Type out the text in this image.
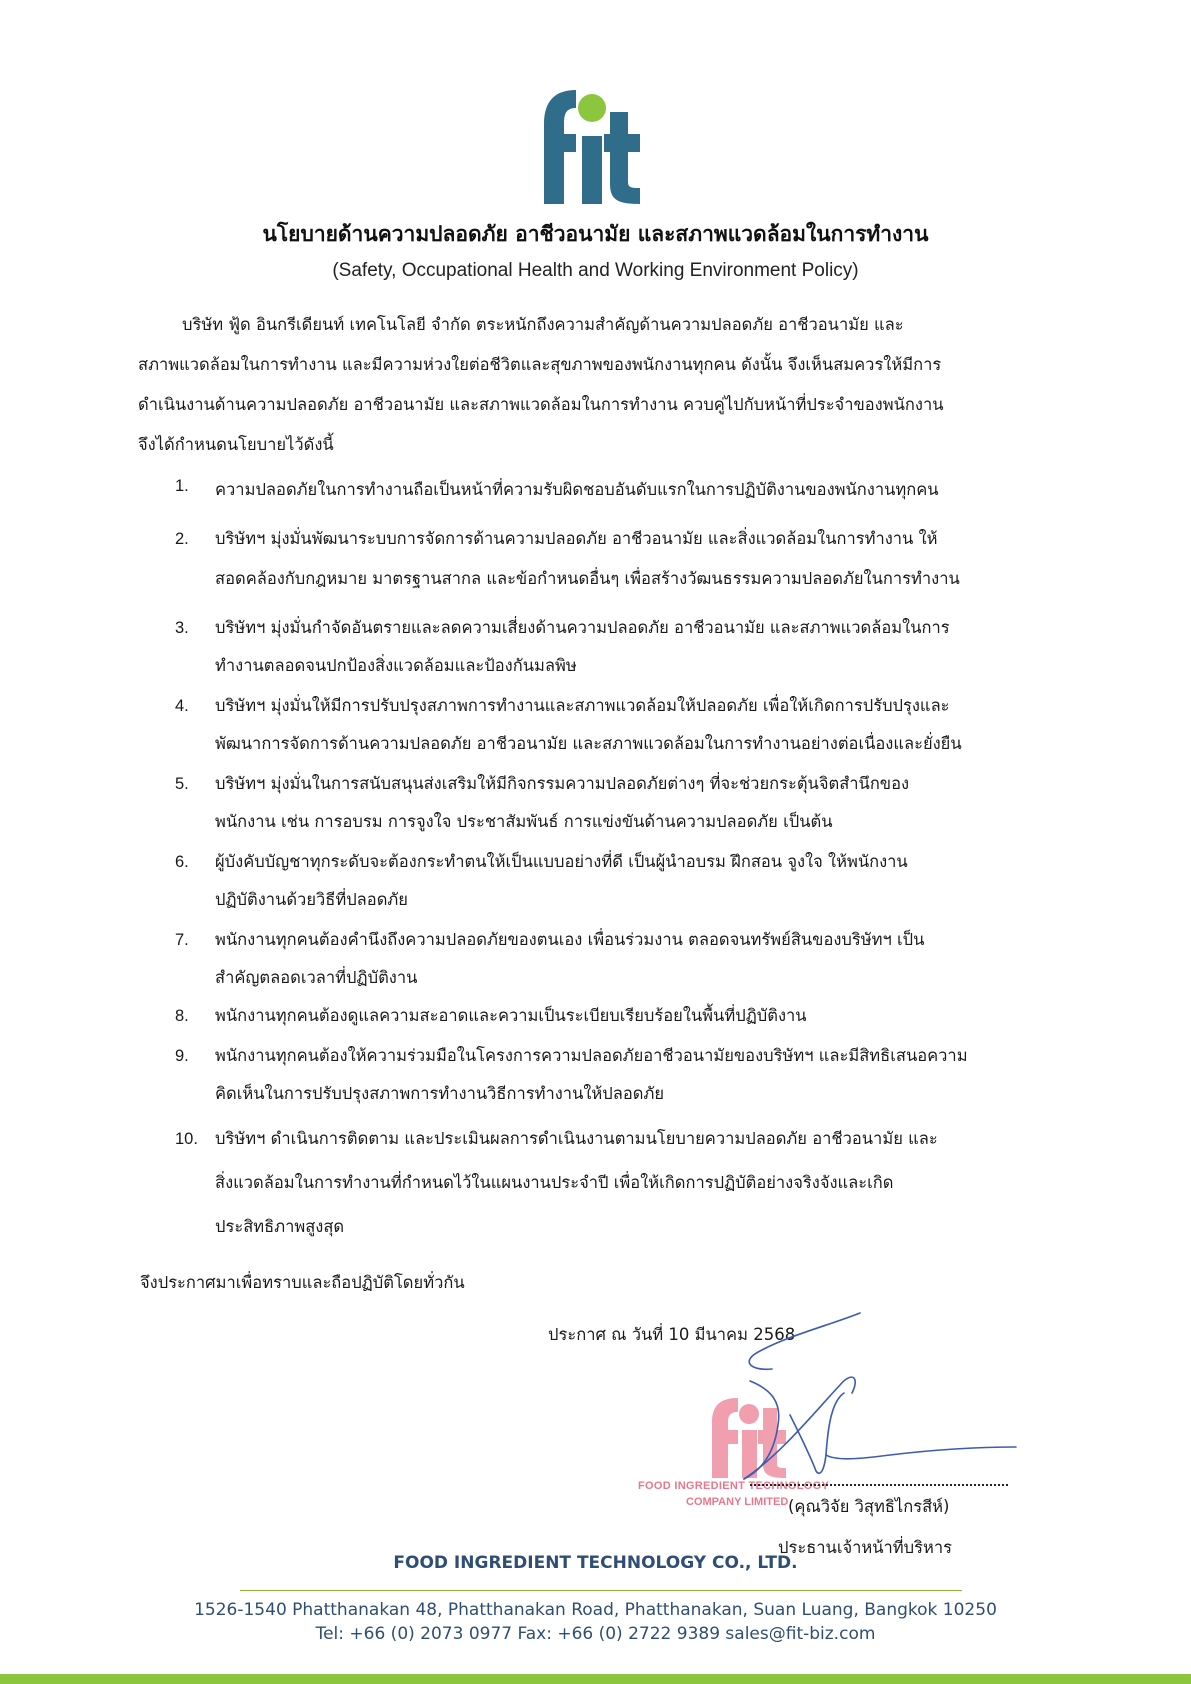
นโยบายด้านความปลอดภัย อาชีวอนามัย และสภาพแวดล้อมในการทำงาน
(Safety, Occupational Health and Working Environment Policy)
บริษัท ฟู้ด อินกรีเดียนท์ เทคโนโลยี จำกัด ตระหนักถึงความสำคัญด้านความปลอดภัย อาชีวอนามัย และ
สภาพแวดล้อมในการทำงาน และมีความห่วงใยต่อชีวิตและสุขภาพของพนักงานทุกคน ดังนั้น จึงเห็นสมควรให้มีการ
ดำเนินงานด้านความปลอดภัย อาชีวอนามัย และสภาพแวดล้อมในการทำงาน ควบคู่ไปกับหน้าที่ประจำของพนักงาน
จึงได้กำหนดนโยบายไว้ดังนี้
1.	ความปลอดภัยในการทำงานถือเป็นหน้าที่ความรับผิดชอบอันดับแรกในการปฏิบัติงานของพนักงานทุกคน
2.	บริษัทฯ มุ่งมั่นพัฒนาระบบการจัดการด้านความปลอดภัย อาชีวอนามัย และสิ่งแวดล้อมในการทำงาน ให้
สอดคล้องกับกฎหมาย มาตรฐานสากล และข้อกำหนดอื่นๆ เพื่อสร้างวัฒนธรรมความปลอดภัยในการทำงาน
3.	บริษัทฯ มุ่งมั่นกำจัดอันตรายและลดความเสี่ยงด้านความปลอดภัย อาชีวอนามัย และสภาพแวดล้อมในการ
ทำงานตลอดจนปกป้องสิ่งแวดล้อมและป้องกันมลพิษ
4.	บริษัทฯ มุ่งมั่นให้มีการปรับปรุงสภาพการทำงานและสภาพแวดล้อมให้ปลอดภัย เพื่อให้เกิดการปรับปรุงและ
พัฒนาการจัดการด้านความปลอดภัย อาชีวอนามัย และสภาพแวดล้อมในการทำงานอย่างต่อเนื่องและยั่งยืน
5.	บริษัทฯ มุ่งมั่นในการสนับสนุนส่งเสริมให้มีกิจกรรมความปลอดภัยต่างๆ ที่จะช่วยกระตุ้นจิตสำนึกของ
พนักงาน เช่น การอบรม การจูงใจ ประชาสัมพันธ์ การแข่งขันด้านความปลอดภัย เป็นต้น
6.	ผู้บังคับบัญชาทุกระดับจะต้องกระทำตนให้เป็นแบบอย่างที่ดี เป็นผู้นำอบรม ฝึกสอน จูงใจ ให้พนักงาน
ปฏิบัติงานด้วยวิธีที่ปลอดภัย
7.	พนักงานทุกคนต้องคำนึงถึงความปลอดภัยของตนเอง เพื่อนร่วมงาน ตลอดจนทรัพย์สินของบริษัทฯ เป็น
สำคัญตลอดเวลาที่ปฏิบัติงาน
8.	พนักงานทุกคนต้องดูแลความสะอาดและความเป็นระเบียบเรียบร้อยในพื้นที่ปฏิบัติงาน
9.	พนักงานทุกคนต้องให้ความร่วมมือในโครงการความปลอดภัยอาชีวอนามัยของบริษัทฯ และมีสิทธิเสนอความ
คิดเห็นในการปรับปรุงสภาพการทำงานวิธีการทำงานให้ปลอดภัย
10.	บริษัทฯ ดำเนินการติดตาม และประเมินผลการดำเนินงานตามนโยบายความปลอดภัย อาชีวอนามัย และ
สิ่งแวดล้อมในการทำงานที่กำหนดไว้ในแผนงานประจำปี เพื่อให้เกิดการปฏิบัติอย่างจริงจังและเกิด
ประสิทธิภาพสูงสุด
จึงประกาศมาเพื่อทราบและถือปฏิบัติโดยทั่วกัน
ประกาศ ณ วันที่ 10 มีนาคม 2568
FOOD INGREDIENT TECHNOLOGY
COMPANY LIMITED (คุณวิจัย วิสุทธิไกรสีห์)
ประธานเจ้าหน้าที่บริหาร
FOOD INGREDIENT TECHNOLOGY CO., LTD.
1526-1540 Phatthanakan 48, Phatthanakan Road, Phatthanakan, Suan Luang, Bangkok 10250
Tel: +66 (0) 2073 0977 Fax: +66 (0) 2722 9389 sales@fit-biz.com
